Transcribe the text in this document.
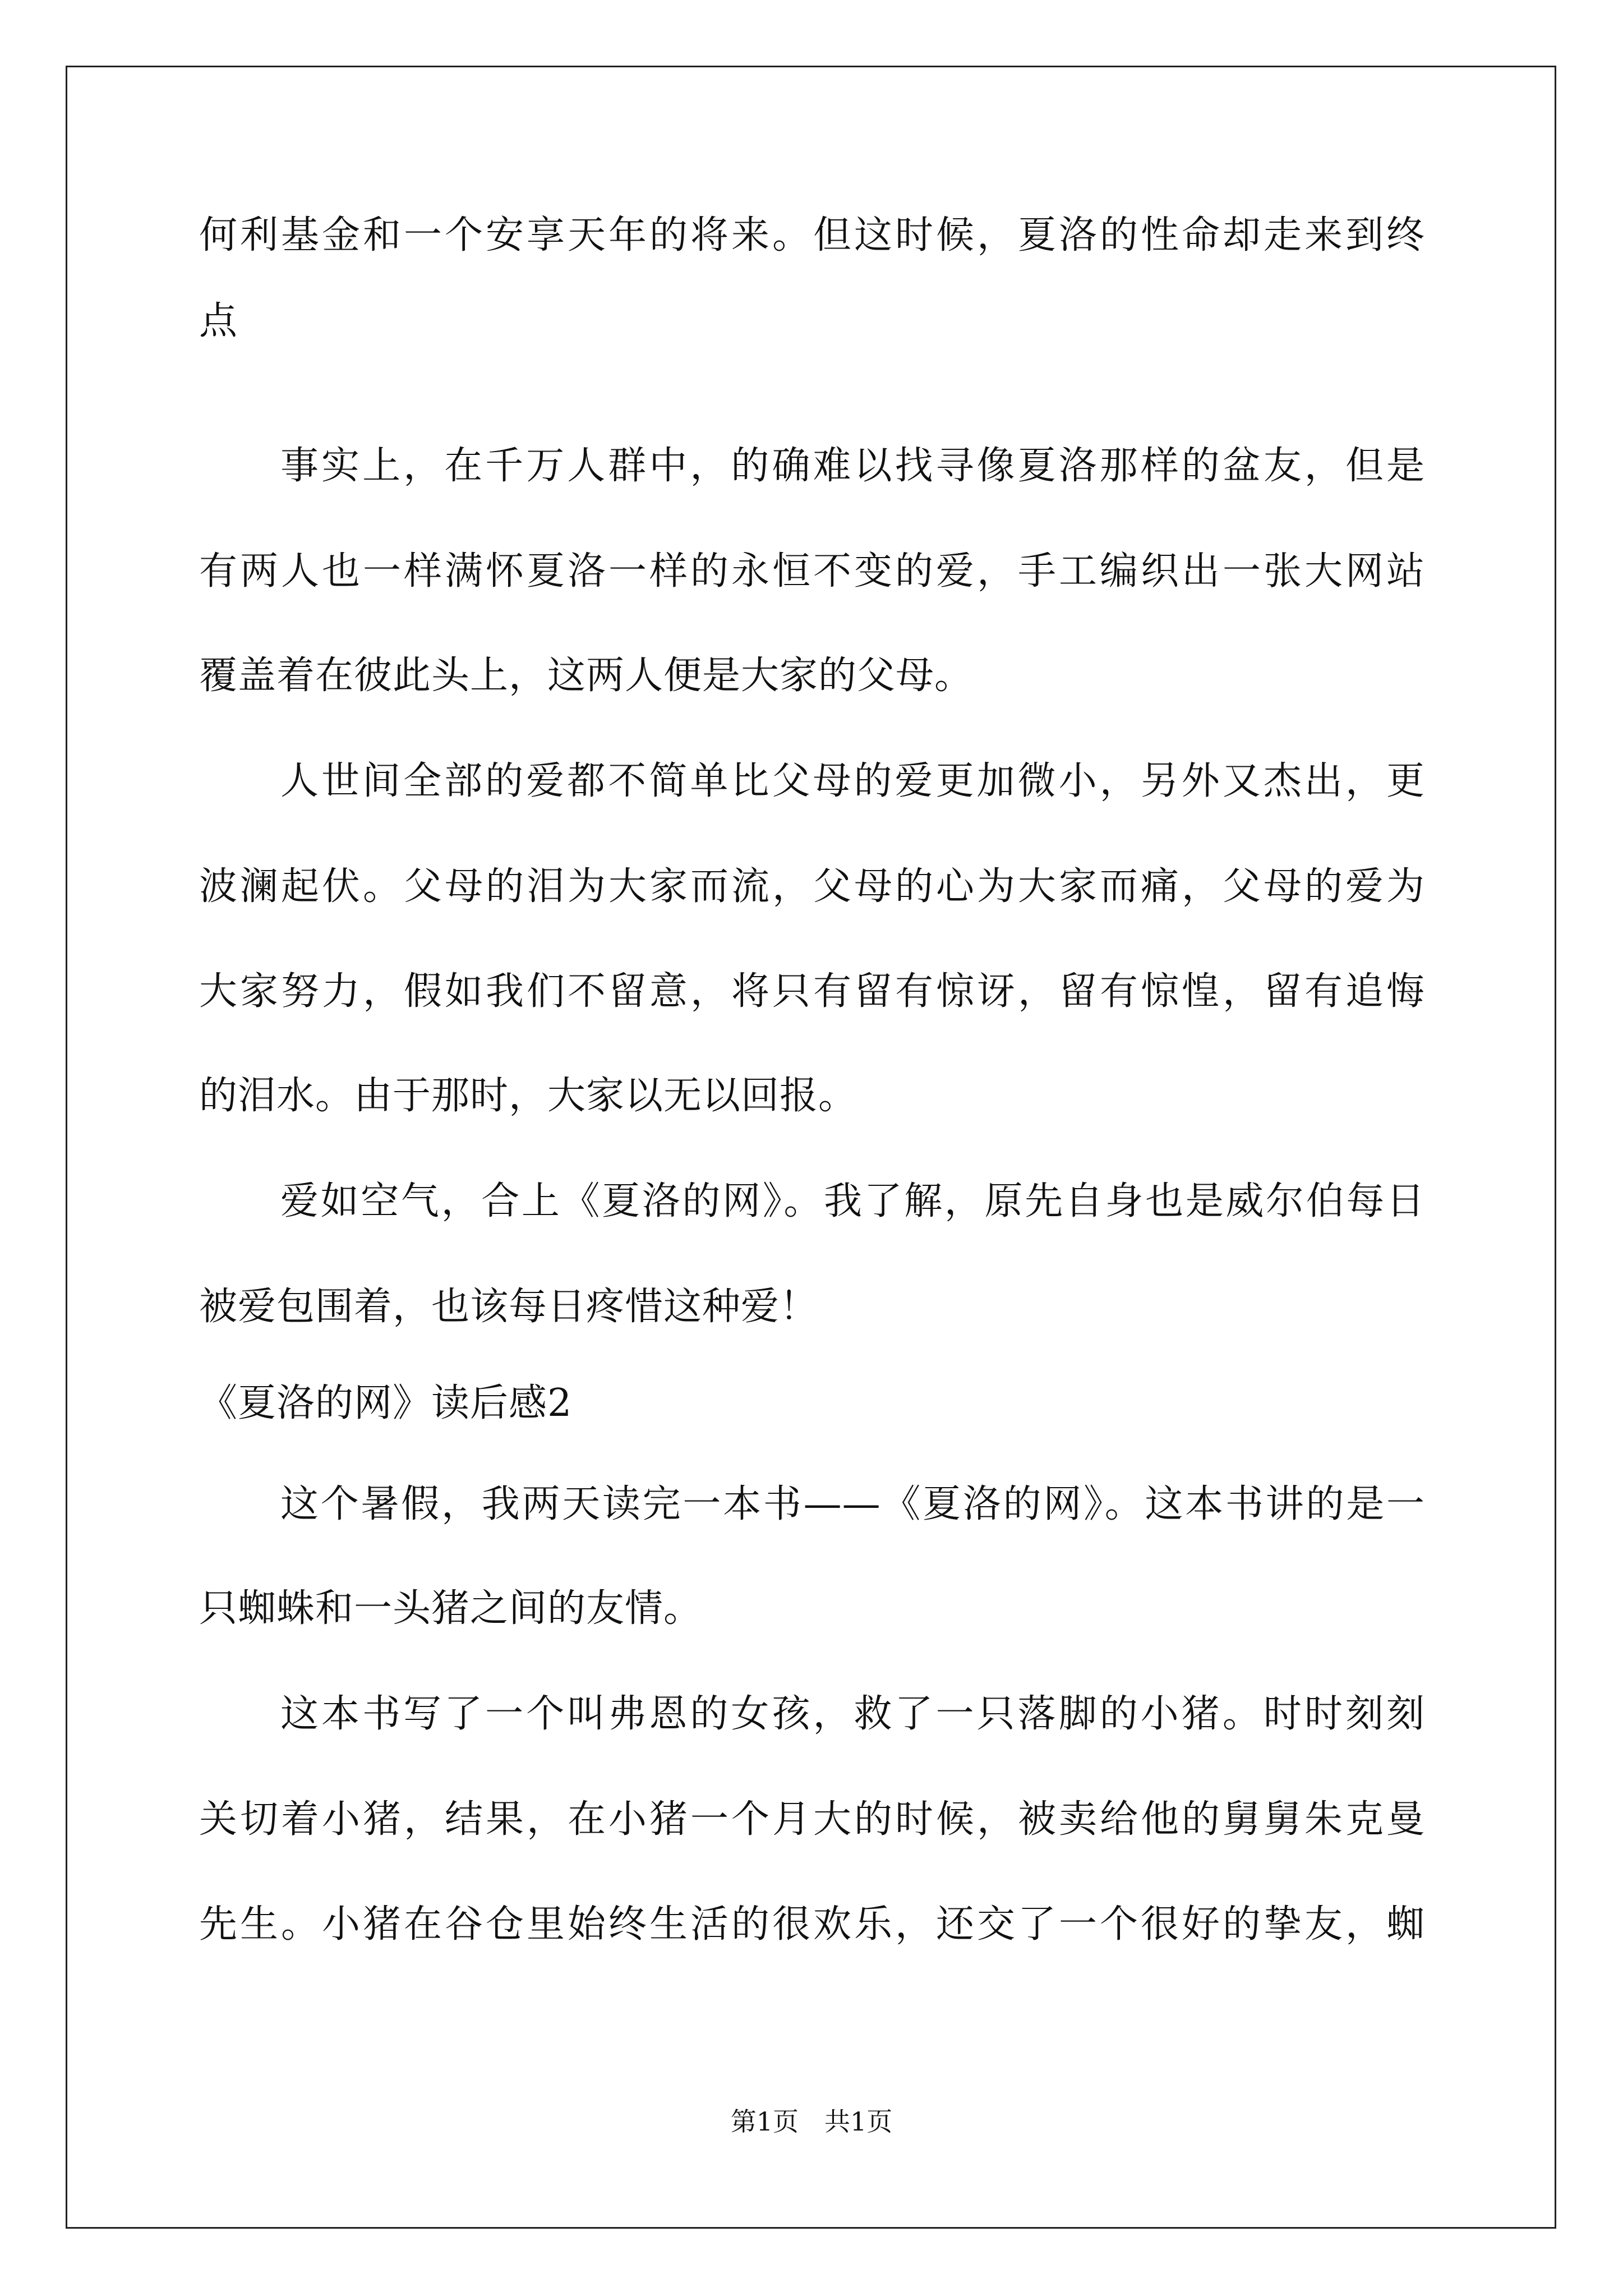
何利基金和一个安享天年的将来。但这时候，夏洛的性命却走来到终
点
事实上，在千万人群中，的确难以找寻像夏洛那样的盆友，但是
有两人也一样满怀夏洛一样的永恒不变的爱，手工编织出一张大网站
覆盖着在彼此头上，这两人便是大家的父母。
人世间全部的爱都不简单比父母的爱更加微小，另外又杰出，更
波澜起伏。父母的泪为大家而流，父母的心为大家而痛，父母的爱为
大家努力，假如我们不留意，将只有留有惊讶，留有惊惶，留有追悔
的泪水。由于那时，大家以无以回报。
爱如空气，合上《夏洛的网》。我了解，原先自身也是威尔伯每日
被爱包围着，也该每日疼惜这种爱！
《夏洛的网》读后感2
这个暑假，我两天读完一本书——《夏洛的网》。这本书讲的是一
只蜘蛛和一头猪之间的友情。
这本书写了一个叫弗恩的女孩，救了一只落脚的小猪。时时刻刻
关切着小猪，结果，在小猪一个月大的时候，被卖给他的舅舅朱克曼
先生。小猪在谷仓里始终生活的很欢乐，还交了一个很好的挚友，蜘
第1页　共1页
